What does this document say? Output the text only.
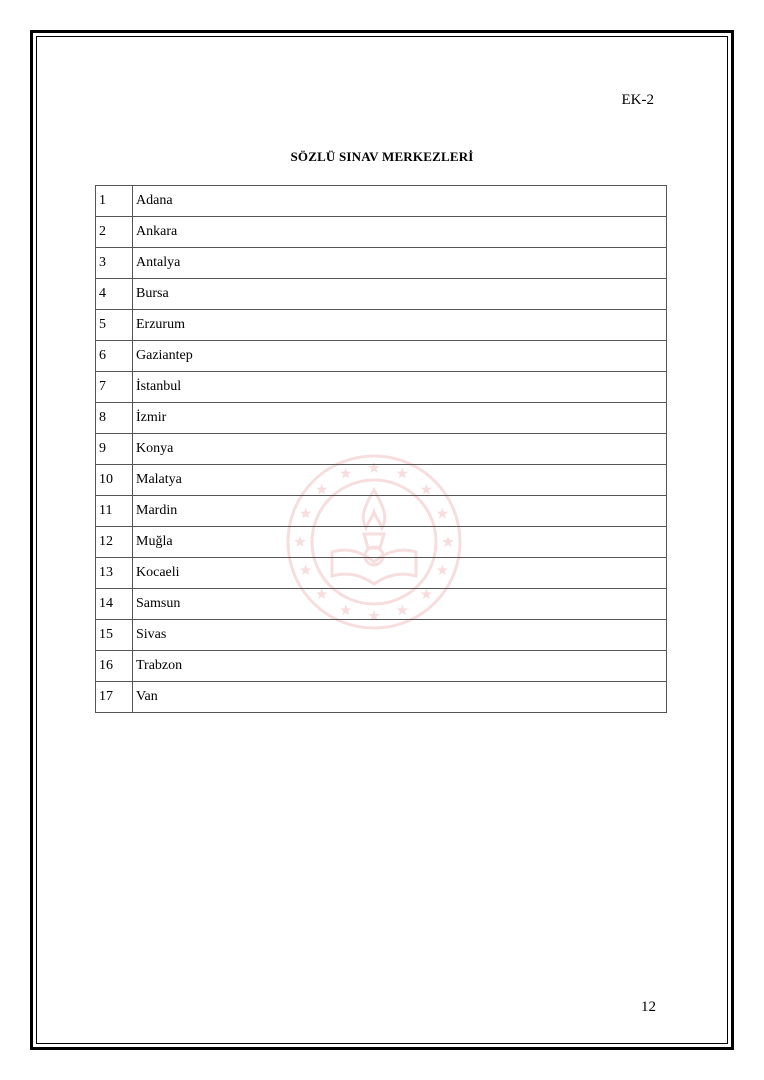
EK-2
SÖZLÜ SINAV MERKEZLERİ
1	Adana
2	Ankara
3	Antalya
4	Bursa
5	Erzurum
6	Gaziantep
7	İstanbul
8	İzmir
9	Konya
10	Malatya
11	Mardin
12	Muğla
13	Kocaeli
14	Samsun
15	Sivas
16	Trabzon
17	Van
12
